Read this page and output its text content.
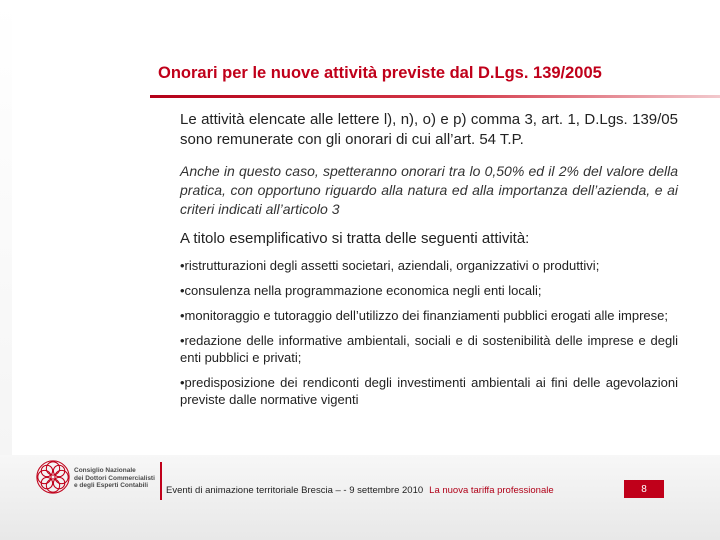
Onorari per le nuove attività previste dal D.Lgs. 139/2005

Le attività elencate alle lettere l), n), o) e p) comma 3, art. 1, D.Lgs. 139/05 sono remunerate con gli onorari di cui all’art. 54 T.P.

Anche in questo caso, spetteranno onorari tra lo 0,50% ed il 2% del valore della pratica, con opportuno riguardo alla natura ed alla importanza dell’azienda, e ai criteri indicati all’articolo 3

A titolo esemplificativo si tratta delle seguenti attività:

•ristrutturazioni degli assetti societari, aziendali, organizzativi o produttivi;

•consulenza nella programmazione economica negli enti locali;

•monitoraggio e tutoraggio dell’utilizzo dei finanziamenti pubblici erogati alle imprese;

•redazione delle informative ambientali, sociali e di sostenibilità delle imprese e degli enti pubblici e privati;

•predisposizione dei rendiconti degli investimenti ambientali ai fini delle agevolazioni previste dalle normative vigenti

Consiglio Nazionale
dei Dottori Commercialisti
e degli Esperti Contabili	Eventi di animazione territoriale Brescia – - 9 settembre 2010 La nuova tariffa professionale	8
